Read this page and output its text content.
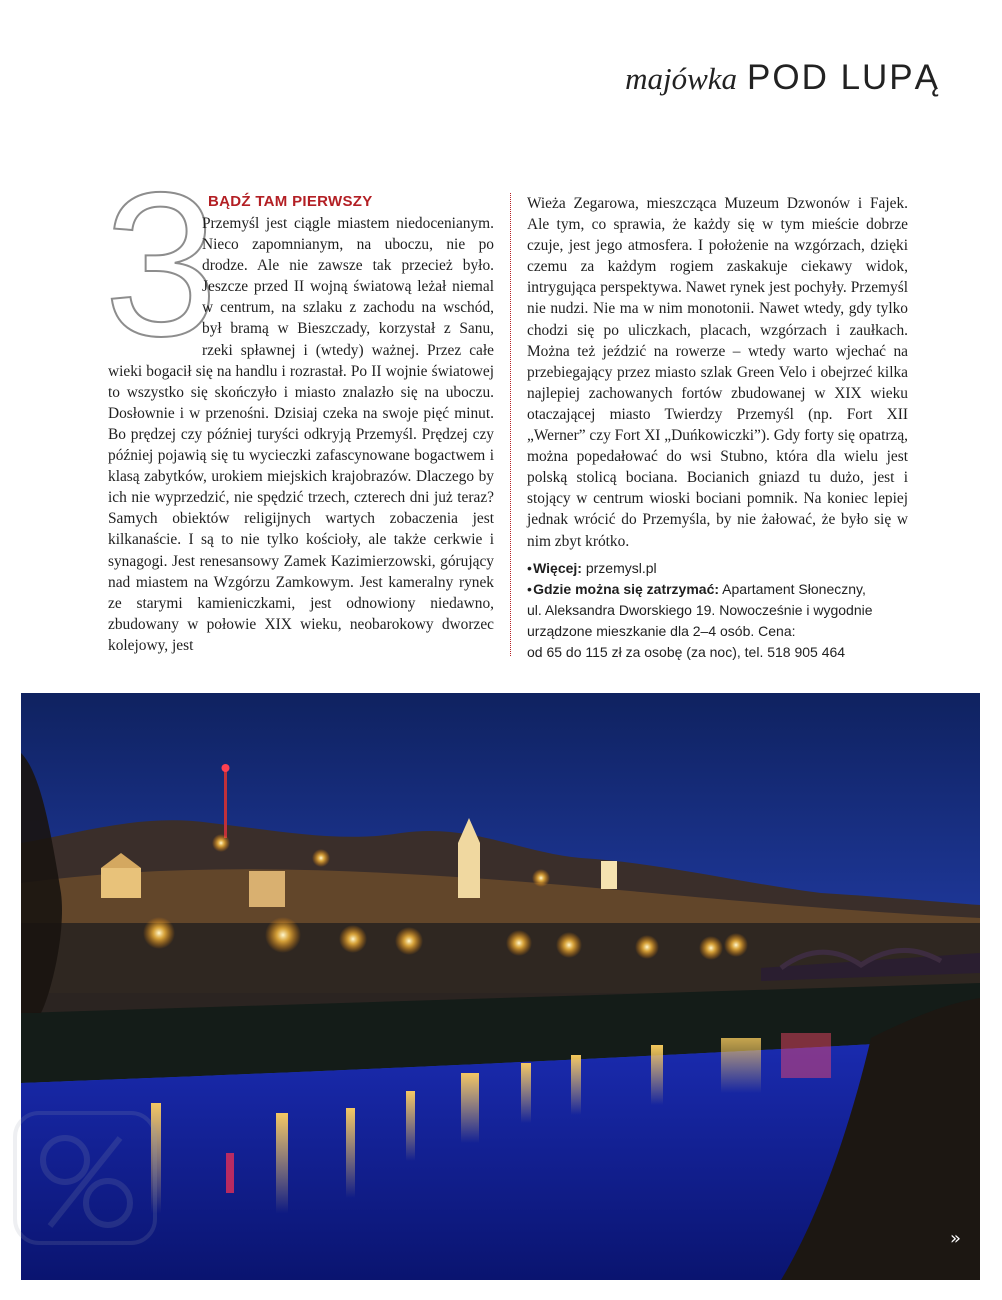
majówka POD LUPĄ
3
BĄDŹ TAM PIERWSZY

Przemyśl jest ciągle miastem niedocenianym. Nieco zapomnianym, na uboczu, nie po drodze. Ale nie zawsze tak przecież było. Jeszcze przed II wojną światową leżał niemal w centrum, na szlaku z zachodu na wschód, był bramą w Bieszczady, korzystał z Sanu, rzeki spławnej i (wtedy) ważnej. Przez całe wieki bogacił się na handlu i rozrastał. Po II wojnie światowej to wszystko się skończyło i miasto znalazło się na uboczu. Dosłownie i w przenośni. Dzisiaj czeka na swoje pięć minut. Bo prędzej czy później turyści odkryją Przemyśl. Prędzej czy później pojawią się tu wycieczki zafascynowane bogactwem i klasą zabytków, urokiem miejskich krajobrazów. Dlaczego by ich nie wyprzedzić, nie spędzić trzech, czterech dni już teraz? Samych obiektów religijnych wartych zobaczenia jest kilkanaście. I są to nie tylko kościoły, ale także cerkwie i synagogi. Jest renesansowy Zamek Kazimierzowski, górujący nad miastem na Wzgórzu Zamkowym. Jest kameralny rynek ze starymi kamieniczkami, jest odnowiony niedawno, zbudowany w połowie XIX wieku, neobarokowy dworzec kolejowy, jest

Wieża Zegarowa, mieszcząca Muzeum Dzwonów i Fajek. Ale tym, co sprawia, że każdy się w tym mieście dobrze czuje, jest jego atmosfera. I położenie na wzgórzach, dzięki czemu za każdym rogiem zaskakuje ciekawy widok, intrygująca perspektywa. Nawet rynek jest pochyły. Przemyśl nie nudzi. Nie ma w nim monotonii. Nawet wtedy, gdy tylko chodzi się po uliczkach, placach, wzgórzach i zaułkach. Można też jeździć na rowerze – wtedy warto wjechać na przebiegający przez miasto szlak Green Velo i obejrzeć kilka najlepiej zachowanych fortów zbudowanej w XIX wieku otaczającej miasto Twierdzy Przemyśl (np. Fort XII „Werner” czy Fort XI „Duńkowiczki”). Gdy forty się opatrzą, można popedałować do wsi Stubno, która dla wielu jest polską stolicą bociana. Bocianich gniazd tu dużo, jest i stojący w centrum wioski bociani pomnik. Na koniec lepiej jednak wrócić do Przemyśla, by nie żałować, że było się w nim zbyt krótko.

• Więcej: przemysl.pl

• Gdzie można się zatrzymać: Apartament Słoneczny,

ul. Aleksandra Dworskiego 19. Nowocześnie i wygodnie

urządzone mieszkanie dla 2–4 osób. Cena:

od 65 do 115 zł za osobę (za noc), tel. 518 905 464

»
